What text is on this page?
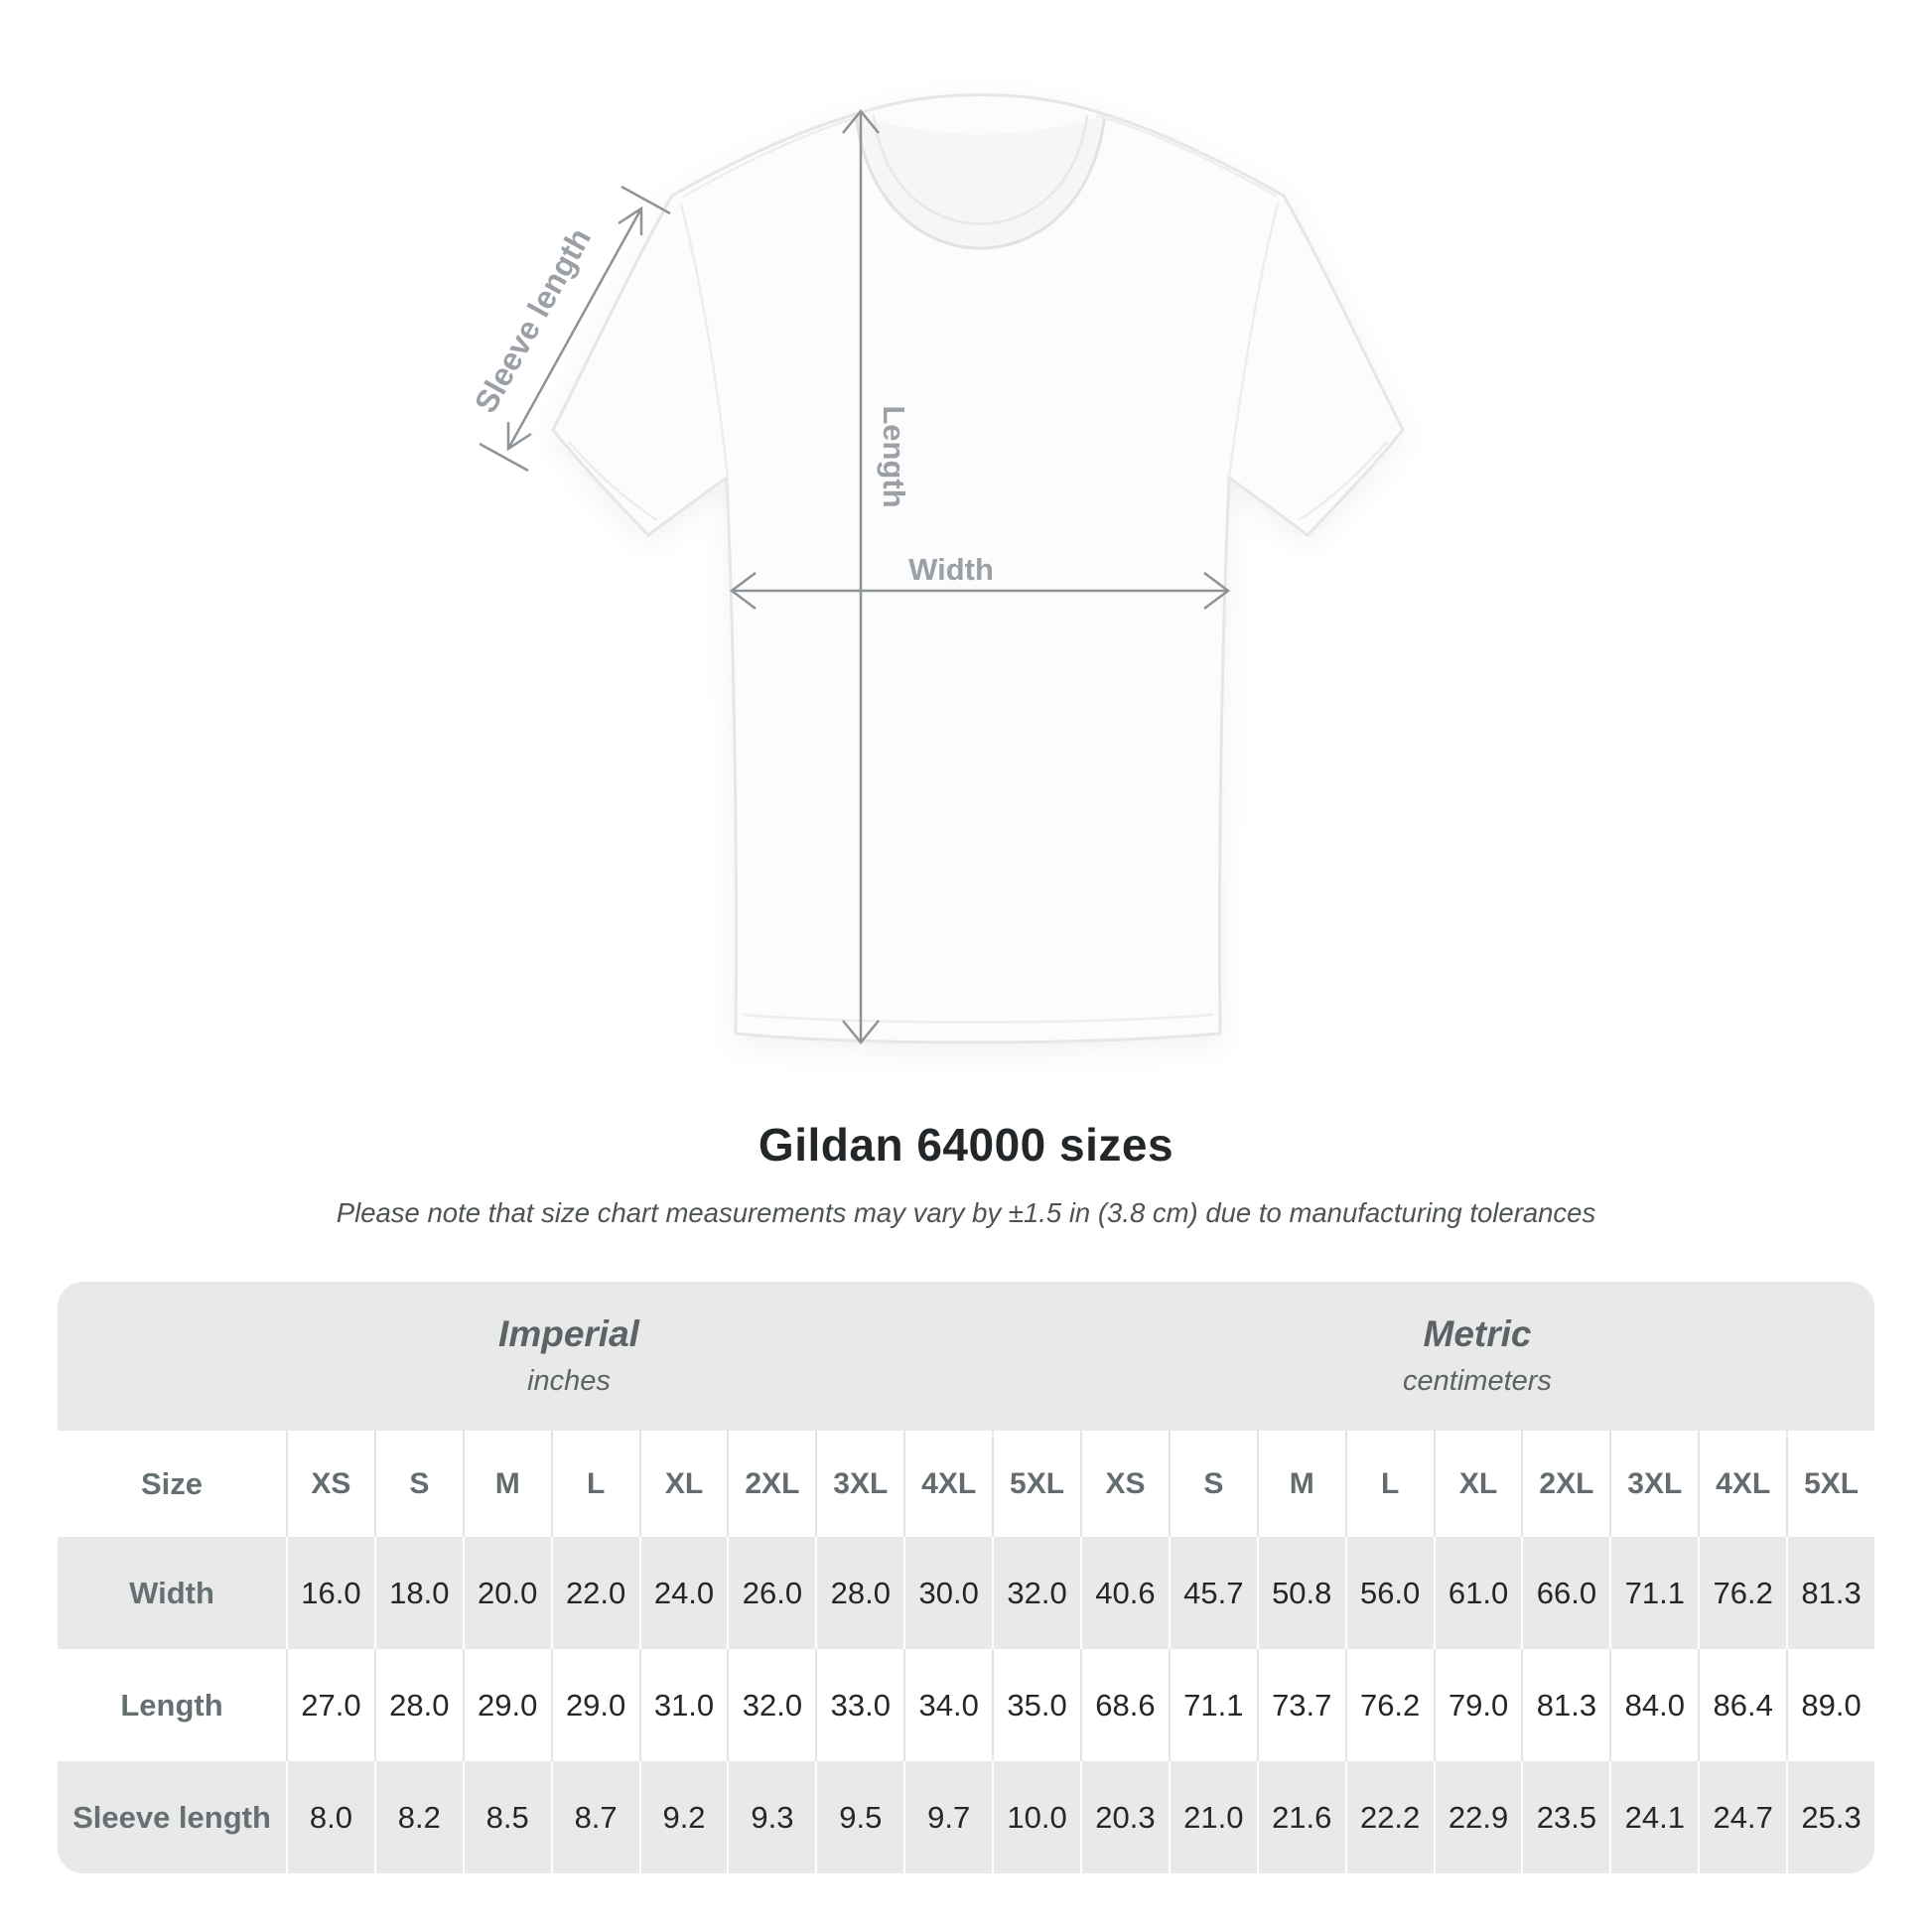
Sleeve length
Length
Width
Gildan 64000 sizes
Please note that size chart measurements may vary by ±1.5 in (3.8 cm) due to manufacturing tolerances
Imperial
inches
Metric
centimeters
Size	XS	S	M	L	XL	2XL	3XL	4XL	5XL	XS	S	M	L	XL	2XL	3XL	4XL	5XL
Width	16.0 18.0 20.0 22.0 24.0 26.0 28.0 30.0 32.0 40.6 45.7 50.8 56.0 61.0 66.0 71.1 76.2 81.3
Length	27.0 28.0 29.0 29.0 31.0 32.0 33.0 34.0 35.0 68.6 71.1 73.7 76.2 79.0 81.3 84.0 86.4 89.0
Sleeve length	8.0	8.2	8.5	8.7	9.2	9.3	9.5	9.7	10.0 20.3 21.0 21.6 22.2 22.9 23.5 24.1 24.7 25.3
